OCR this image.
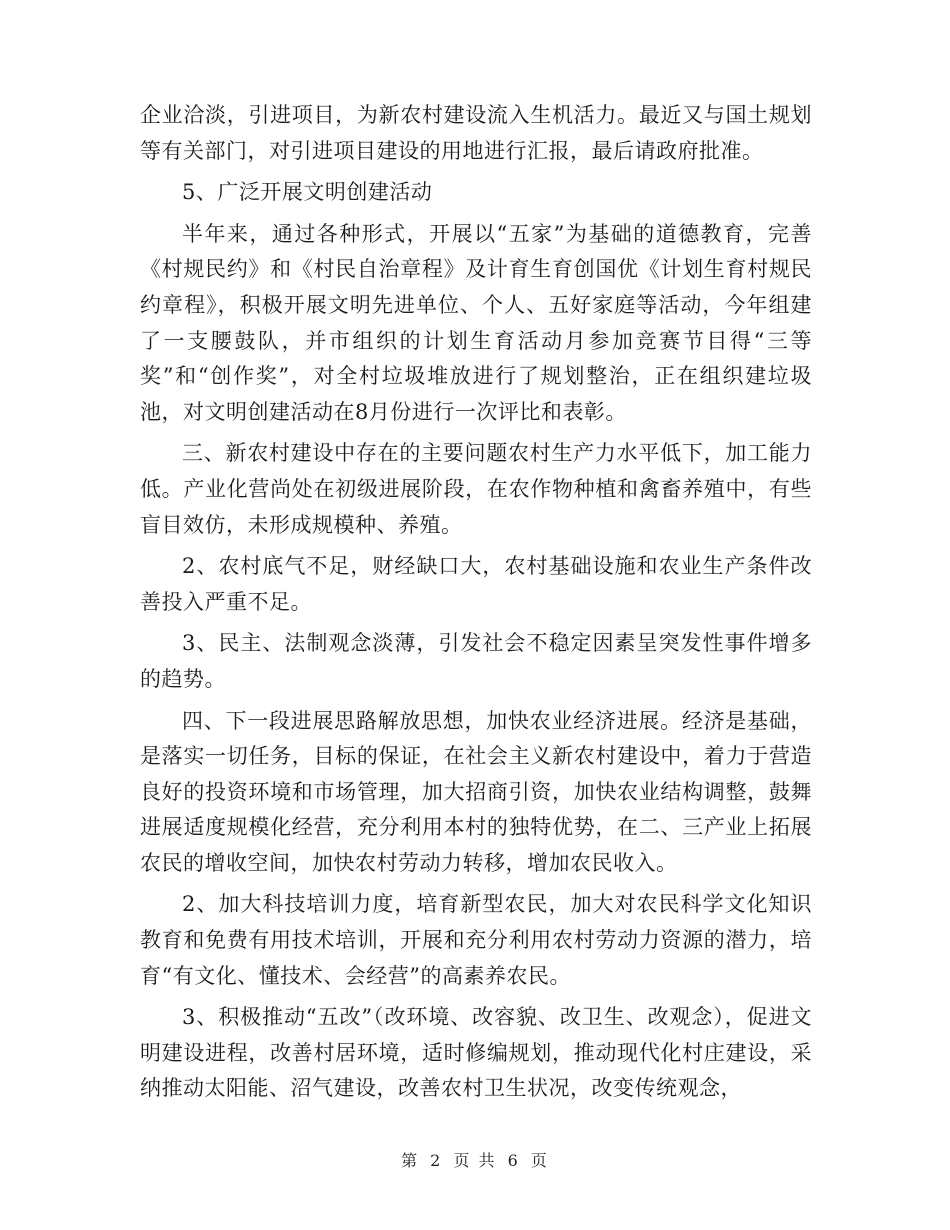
企业洽淡，引进项目，为新农村建设流入生机活力。最近又与国土规划等有关部门，对引进项目建设的用地进行汇报，最后请政府批准。

5、广泛开展文明创建活动

半年来，通过各种形式，开展以“五家”为基础的道德教育，完善《村规民约》和《村民自治章程》及计育生育创国优《计划生育村规民约章程》，积极开展文明先进单位、个人、五好家庭等活动，今年组建了一支腰鼓队，并市组织的计划生育活动月参加竞赛节目得“三等奖”和“创作奖”，对全村垃圾堆放进行了规划整治，正在组织建垃圾池，对文明创建活动在8月份进行一次评比和表彰。

三、新农村建设中存在的主要问题农村生产力水平低下，加工能力低。产业化营尚处在初级进展阶段，在农作物种植和禽畜养殖中，有些盲目效仿，未形成规模种、养殖。

2、农村底气不足，财经缺口大，农村基础设施和农业生产条件改善投入严重不足。

3、民主、法制观念淡薄，引发社会不稳定因素呈突发性事件增多的趋势。

四、下一段进展思路解放思想，加快农业经济进展。经济是基础，是落实一切任务，目标的保证，在社会主义新农村建设中，着力于营造良好的投资环境和市场管理，加大招商引资，加快农业结构调整，鼓舞进展适度规模化经营，充分利用本村的独特优势，在二、三产业上拓展农民的增收空间，加快农村劳动力转移，增加农民收入。

2、加大科技培训力度，培育新型农民，加大对农民科学文化知识教育和免费有用技术培训，开展和充分利用农村劳动力资源的潜力，培育“有文化、懂技术、会经营”的高素养农民。

3、积极推动“五改”（改环境、改容貌、改卫生、改观念），促进文明建设进程，改善村居环境，适时修编规划，推动现代化村庄建设，采纳推动太阳能、沼气建设，改善农村卫生状况，改变传统观念，

第 2 页 共 6 页
